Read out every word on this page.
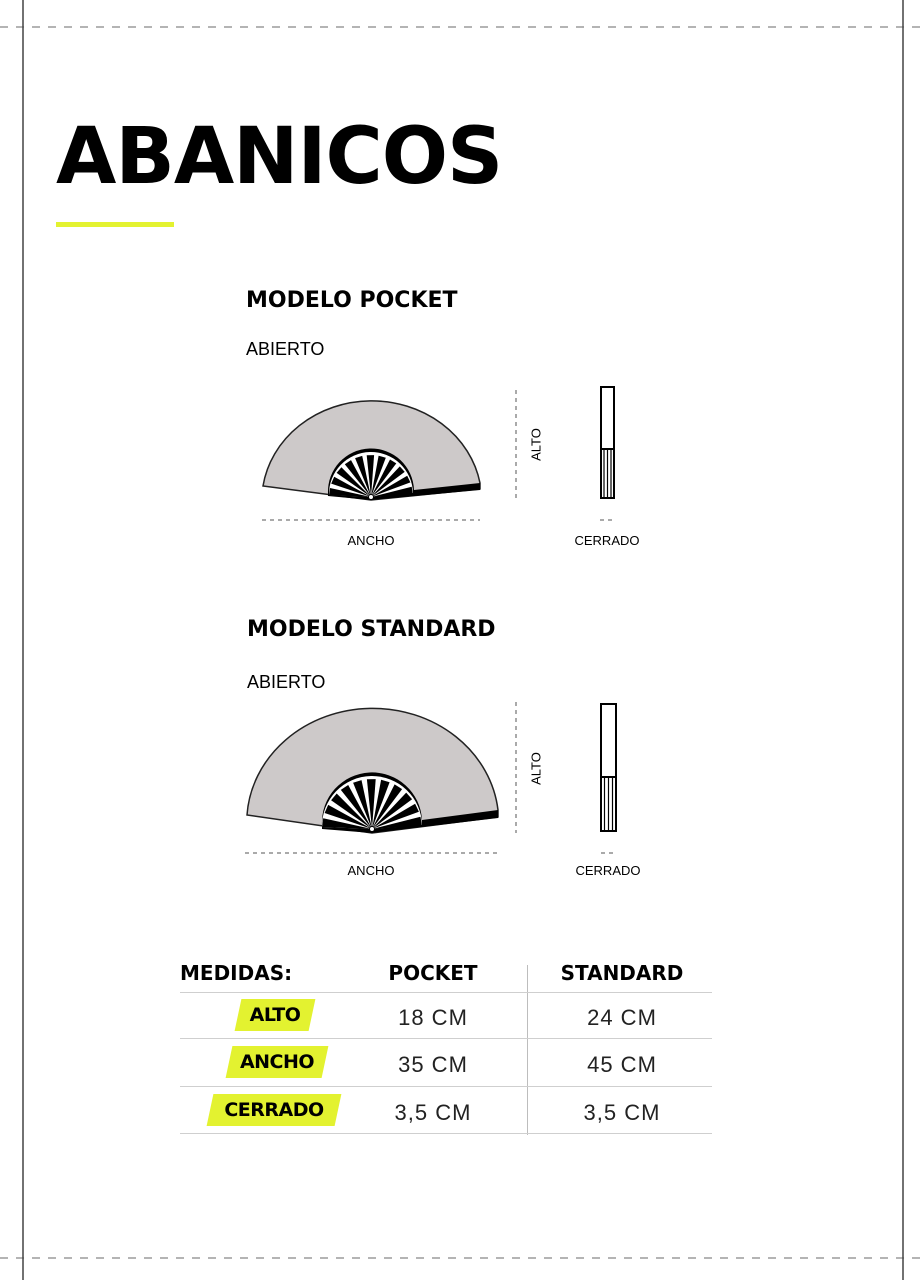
ABANICOS
MODELO POCKET
ABIERTO
ANCHO
ALTO
CERRADO
MODELO STANDARD
ABIERTO
ANCHO
ALTO
CERRADO
MEDIDAS:	POCKET	STANDARD
ALTO	18 CM	24 CM
ANCHO	35 CM	45 CM
CERRADO	3,5 CM	3,5 CM
